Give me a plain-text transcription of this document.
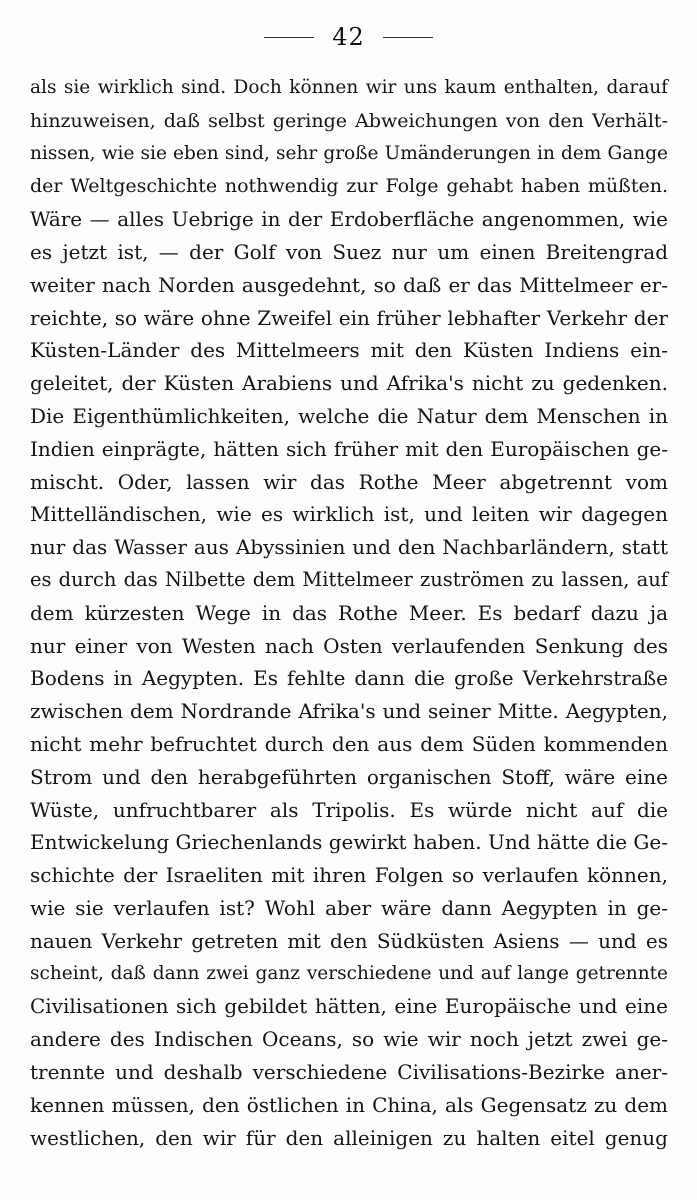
42
als sie wirklich sind. Doch können wir uns kaum enthalten, darauf
hinzuweisen, daß selbst geringe Abweichungen von den Verhält-
nissen, wie sie eben sind, sehr große Umänderungen in dem Gange
der Weltgeschichte nothwendig zur Folge gehabt haben müßten.
Wäre — alles Uebrige in der Erdoberfläche angenommen, wie
es jetzt ist, — der Golf von Suez nur um einen Breitengrad
weiter nach Norden ausgedehnt, so daß er das Mittelmeer er-
reichte, so wäre ohne Zweifel ein früher lebhafter Verkehr der
Küsten-Länder des Mittelmeers mit den Küsten Indiens ein-
geleitet, der Küsten Arabiens und Afrika's nicht zu gedenken.
Die Eigenthümlichkeiten, welche die Natur dem Menschen in
Indien einprägte, hätten sich früher mit den Europäischen ge-
mischt. Oder, lassen wir das Rothe Meer abgetrennt vom
Mittelländischen, wie es wirklich ist, und leiten wir dagegen
nur das Wasser aus Abyssinien und den Nachbarländern, statt
es durch das Nilbette dem Mittelmeer zuströmen zu lassen, auf
dem kürzesten Wege in das Rothe Meer. Es bedarf dazu ja
nur einer von Westen nach Osten verlaufenden Senkung des
Bodens in Aegypten. Es fehlte dann die große Verkehrstraße
zwischen dem Nordrande Afrika's und seiner Mitte. Aegypten,
nicht mehr befruchtet durch den aus dem Süden kommenden
Strom und den herabgeführten organischen Stoff, wäre eine
Wüste, unfruchtbarer als Tripolis. Es würde nicht auf die
Entwickelung Griechenlands gewirkt haben. Und hätte die Ge-
schichte der Israeliten mit ihren Folgen so verlaufen können,
wie sie verlaufen ist? Wohl aber wäre dann Aegypten in ge-
nauen Verkehr getreten mit den Südküsten Asiens — und es
scheint, daß dann zwei ganz verschiedene und auf lange getrennte
Civilisationen sich gebildet hätten, eine Europäische und eine
andere des Indischen Oceans, so wie wir noch jetzt zwei ge-
trennte und deshalb verschiedene Civilisations-Bezirke aner-
kennen müssen, den östlichen in China, als Gegensatz zu dem
westlichen, den wir für den alleinigen zu halten eitel genug
